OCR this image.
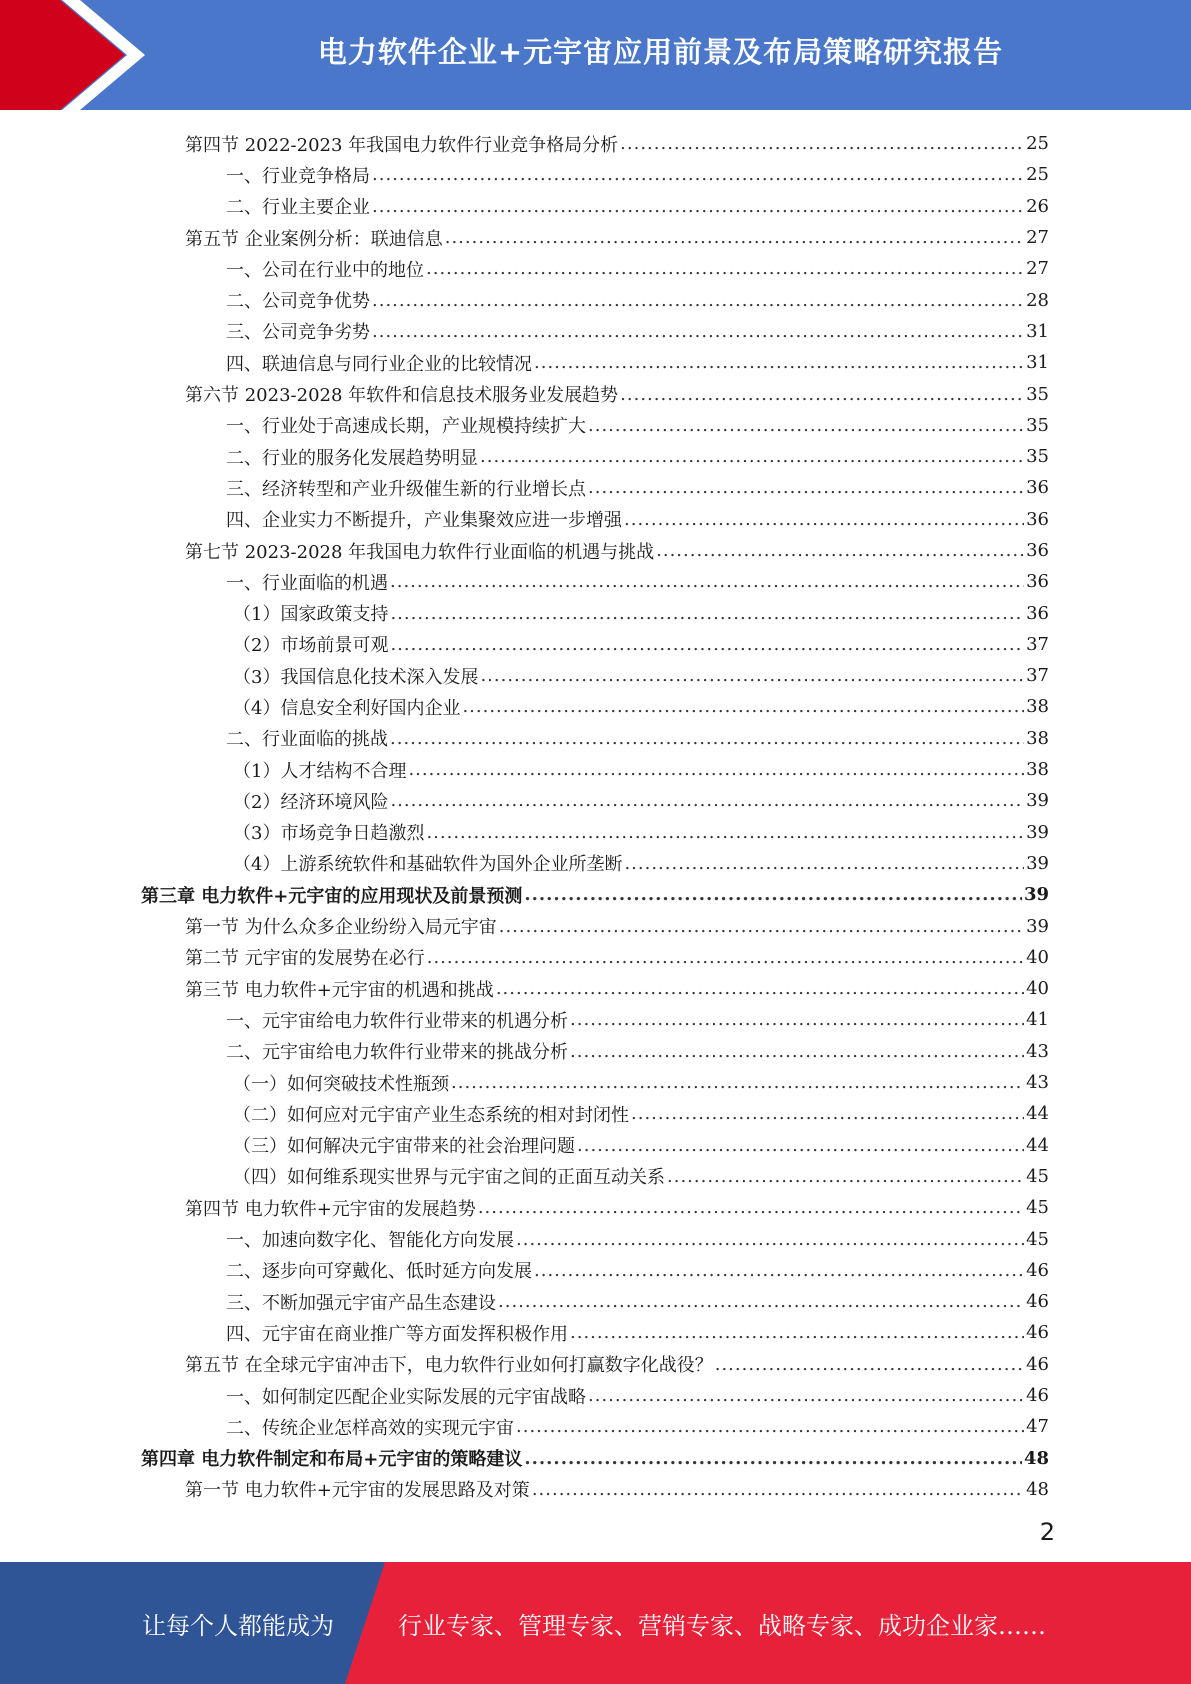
电力软件企业+元宇宙应用前景及布局策略研究报告
第四节 2022-2023 年我国电力软件行业竞争格局分析 .....	25
一、行业竞争格局 .....	25
二、行业主要企业 .....	26
第五节 企业案例分析：联迪信息 .....	27
一、公司在行业中的地位 .....	27
二、公司竞争优势 .....	28
三、公司竞争劣势 .....	31
四、联迪信息与同行业企业的比较情况 .....	31
第六节 2023-2028 年软件和信息技术服务业发展趋势 .....	35
一、行业处于高速成长期，产业规模持续扩大 .....	35
二、行业的服务化发展趋势明显 .....	35
三、经济转型和产业升级催生新的行业增长点 .....	36
四、企业实力不断提升，产业集聚效应进一步增强 .....	36
第七节 2023-2028 年我国电力软件行业面临的机遇与挑战 .....	36
一、行业面临的机遇 .....	36
（1）国家政策支持 .....	36
（2）市场前景可观 .....	37
（3）我国信息化技术深入发展 .....	37
（4）信息安全利好国内企业 .....	38
二、行业面临的挑战 .....	38
（1）人才结构不合理 .....	38
（2）经济环境风险 .....	39
（3）市场竞争日趋激烈 .....	39
（4）上游系统软件和基础软件为国外企业所垄断 .....	39
第三章 电力软件+元宇宙的应用现状及前景预测 .....	39
第一节 为什么众多企业纷纷入局元宇宙 .....	39
第二节 元宇宙的发展势在必行 .....	40
第三节 电力软件+元宇宙的机遇和挑战 .....	40
一、元宇宙给电力软件行业带来的机遇分析 .....	41
二、元宇宙给电力软件行业带来的挑战分析 .....	43
（一）如何突破技术性瓶颈 .....	43
（二）如何应对元宇宙产业生态系统的相对封闭性 .....	44
（三）如何解决元宇宙带来的社会治理问题 .....	44
（四）如何维系现实世界与元宇宙之间的正面互动关系 .....	45
第四节 电力软件+元宇宙的发展趋势 .....	45
一、加速向数字化、智能化方向发展 .....	45
二、逐步向可穿戴化、低时延方向发展 .....	46
三、不断加强元宇宙产品生态建设 .....	46
四、元宇宙在商业推广等方面发挥积极作用 .....	46
第五节 在全球元宇宙冲击下，电力软件行业如何打赢数字化战役？ .....	46
一、如何制定匹配企业实际发展的元宇宙战略 .....	46
二、传统企业怎样高效的实现元宇宙 .....	47
第四章 电力软件制定和布局+元宇宙的策略建议 .....	48
第一节 电力软件+元宇宙的发展思路及对策 .....	48
2
让每个人都能成为	行业专家、管理专家、营销专家、战略专家、成功企业家……
